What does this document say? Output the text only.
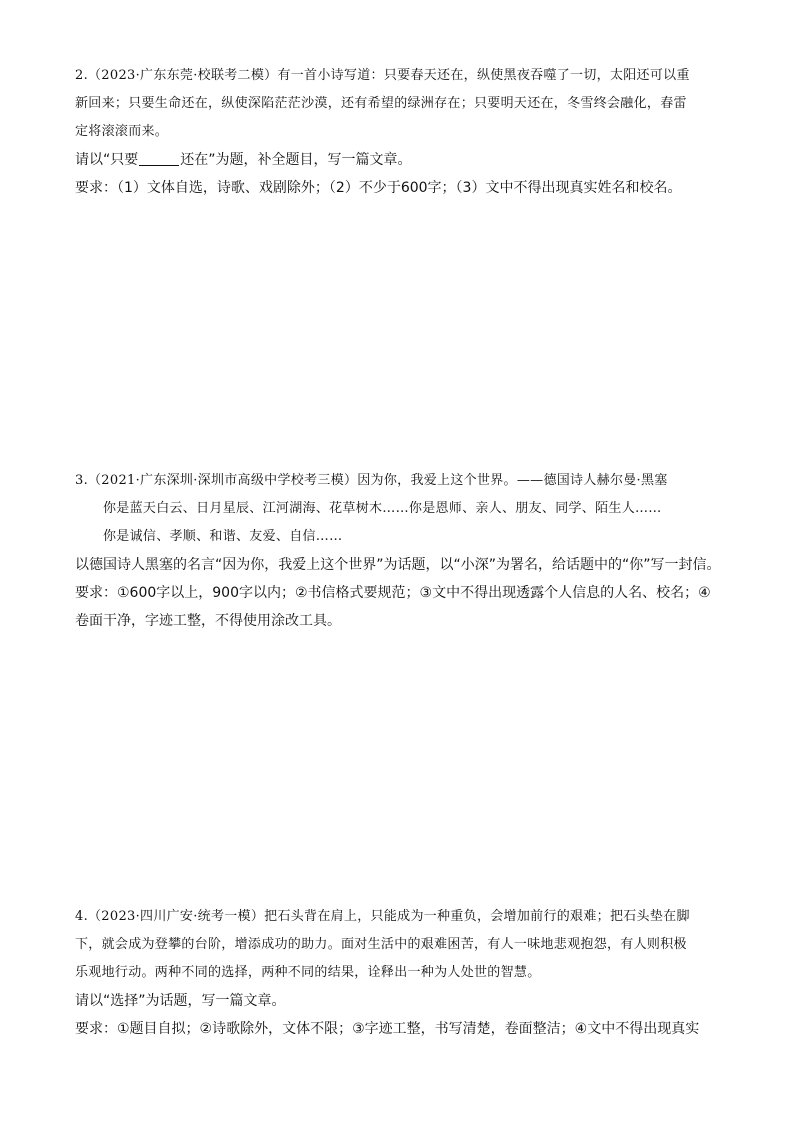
2.（2023·广东东莞·校联考二模）有一首小诗写道：只要春天还在，纵使黑夜吞噬了一切，太阳还可以重
新回来；只要生命还在，纵使深陷茫茫沙漠，还有希望的绿洲存在；只要明天还在，冬雪终会融化，春雷
定将滚滚而来。
请以“只要	还在”为题，补全题目，写一篇文章。
要求：（1）文体自选，诗歌、戏剧除外；（2）不少于600字；（3）文中不得出现真实姓名和校名。
3.（2021·广东深圳·深圳市高级中学校考三模）因为你，我爱上这个世界。——德国诗人赫尔曼·黑塞
你是蓝天白云、日月星辰、江河湖海、花草树木……你是恩师、亲人、朋友、同学、陌生人……
你是诚信、孝顺、和谐、友爱、自信……
以德国诗人黑塞的名言“因为你，我爱上这个世界”为话题，以“小深”为署名，给话题中的“你”写一封信。
要求：①600字以上，900字以内；②书信格式要规范；③文中不得出现透露个人信息的人名、校名；④
卷面干净，字迹工整，不得使用涂改工具。
4.（2023·四川广安·统考一模）把石头背在肩上，只能成为一种重负，会增加前行的艰难；把石头垫在脚
下，就会成为登攀的台阶，增添成功的助力。面对生活中的艰难困苦，有人一味地悲观抱怨，有人则积极
乐观地行动。两种不同的选择，两种不同的结果，诠释出一种为人处世的智慧。
请以“选择”为话题，写一篇文章。
要求：①题目自拟；②诗歌除外，文体不限；③字迹工整，书写清楚，卷面整洁；④文中不得出现真实
